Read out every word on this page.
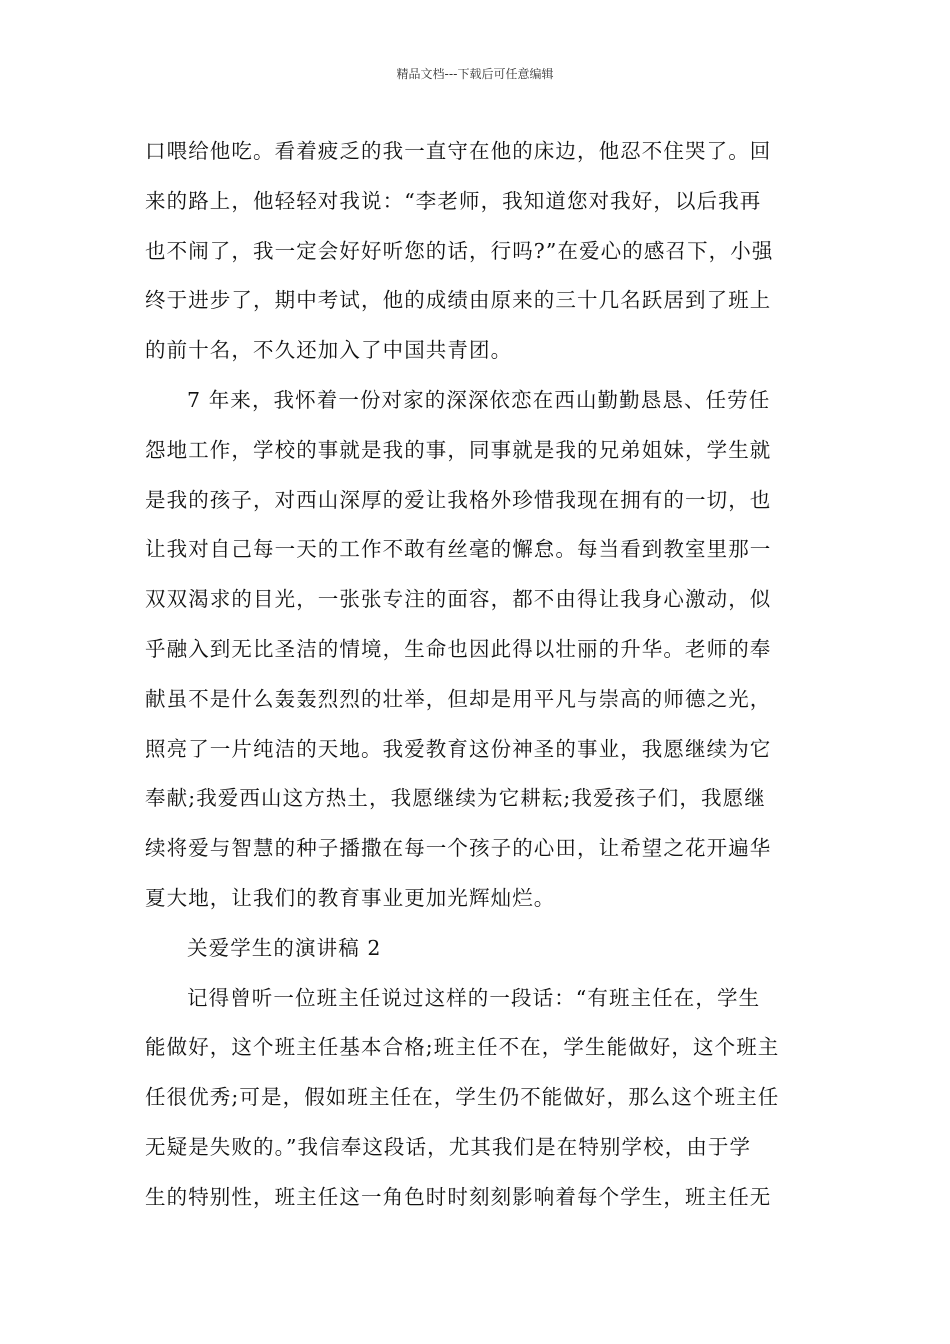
精品文档---下载后可任意编辑
口喂给他吃。看着疲乏的我一直守在他的床边，他忍不住哭了。回
来的路上，他轻轻对我说：“李老师，我知道您对我好，以后我再
也不闹了，我一定会好好听您的话，行吗?”在爱心的感召下，小强
终于进步了，期中考试，他的成绩由原来的三十几名跃居到了班上
的前十名，不久还加入了中国共青团。
7 年来，我怀着一份对家的深深依恋在西山勤勤恳恳、任劳任
怨地工作，学校的事就是我的事，同事就是我的兄弟姐妹，学生就
是我的孩子，对西山深厚的爱让我格外珍惜我现在拥有的一切，也
让我对自己每一天的工作不敢有丝毫的懈怠。每当看到教室里那一
双双渴求的目光，一张张专注的面容，都不由得让我身心激动，似
乎融入到无比圣洁的情境，生命也因此得以壮丽的升华。老师的奉
献虽不是什么轰轰烈烈的壮举，但却是用平凡与崇高的师德之光，
照亮了一片纯洁的天地。我爱教育这份神圣的事业，我愿继续为它
奉献;我爱西山这方热土，我愿继续为它耕耘;我爱孩子们，我愿继
续将爱与智慧的种子播撒在每一个孩子的心田，让希望之花开遍华
夏大地，让我们的教育事业更加光辉灿烂。
关爱学生的演讲稿 2
记得曾听一位班主任说过这样的一段话：“有班主任在，学生
能做好，这个班主任基本合格;班主任不在，学生能做好，这个班主
任很优秀;可是，假如班主任在，学生仍不能做好，那么这个班主任
无疑是失败的。”我信奉这段话，尤其我们是在特别学校，由于学
生的特别性，班主任这一角色时时刻刻影响着每个学生，班主任无
